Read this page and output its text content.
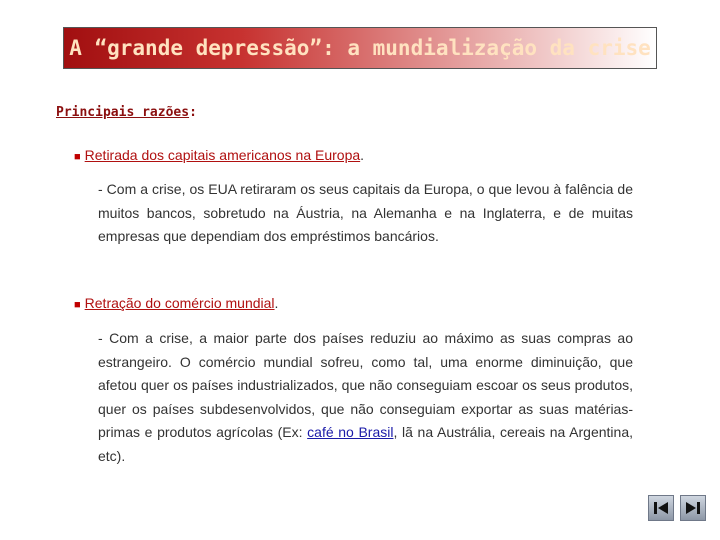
A “grande depressão”: a mundialização da crise
Principais razões:
■ Retirada dos capitais americanos na Europa.

- Com a crise, os EUA retiraram os seus capitais da Europa, o que levou à falência de muitos bancos, sobretudo na Áustria, na Alemanha e na Inglaterra, e de muitas empresas que dependiam dos empréstimos bancários.

■ Retração do comércio mundial.

- Com a crise, a maior parte dos países reduziu ao máximo as suas compras ao estrangeiro. O comércio mundial sofreu, como tal, uma enorme diminuição, que afetou quer os países industrializados, que não conseguiam escoar os seus produtos, quer os países subdesenvolvidos, que não conseguiam exportar as suas matérias-primas e produtos agrícolas (Ex: café no Brasil, lã na Austrália, cereais na Argentina, etc).
